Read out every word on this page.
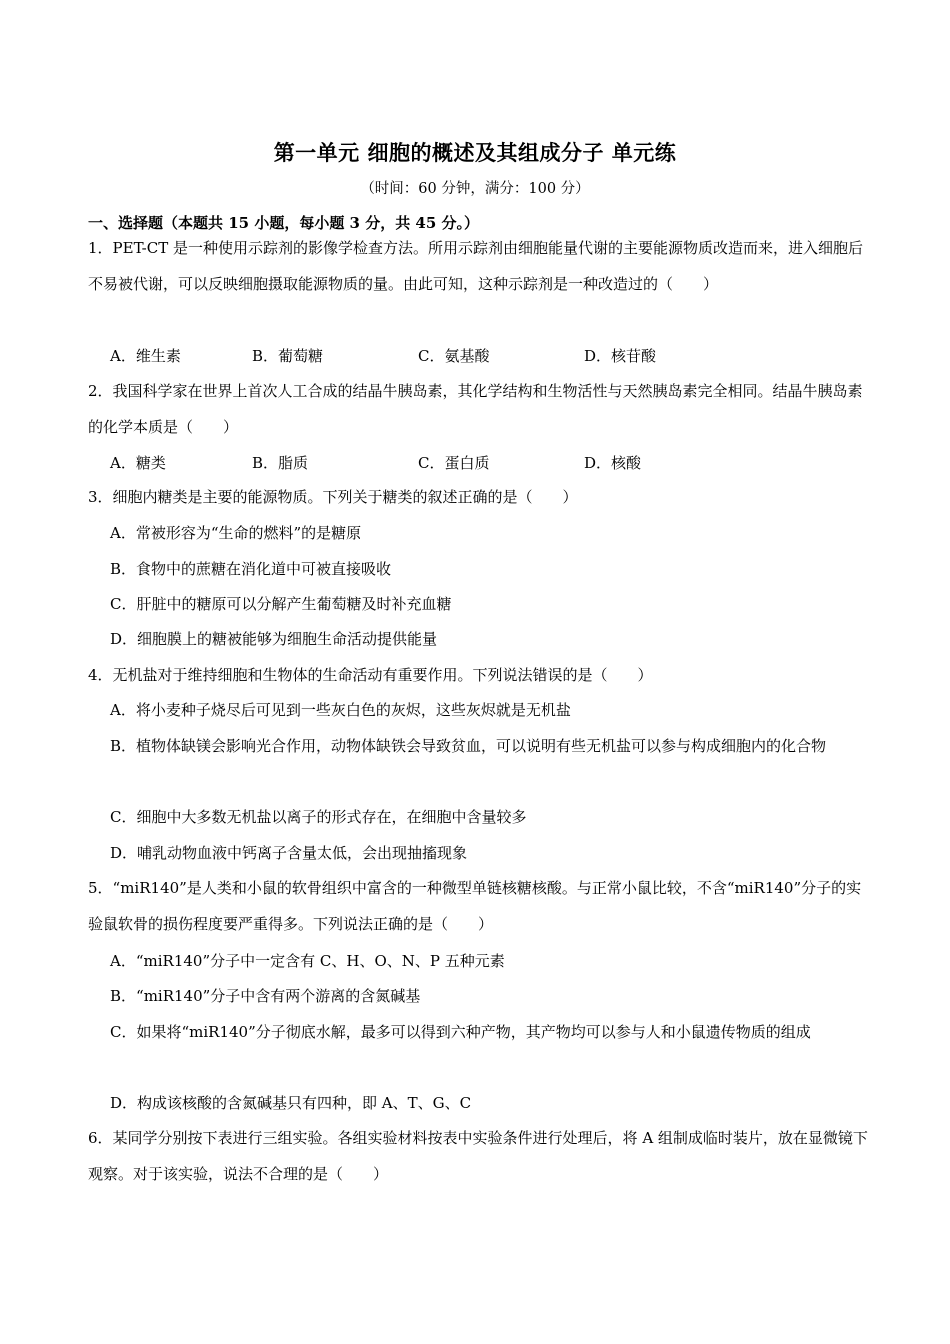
第一单元 细胞的概述及其组成分子 单元练
（时间：60 分钟，满分：100 分）
一、选择题（本题共 15 小题，每小题 3 分，共 45 分。）
1．PET-CT 是一种使用示踪剂的影像学检查方法。所用示踪剂由细胞能量代谢的主要能源物质改造而来，进入细胞后不易被代谢，可以反映细胞摄取能源物质的量。由此可知，这种示踪剂是一种改造过的（　　）
A．维生素	B．葡萄糖	C．氨基酸	D．核苷酸
2．我国科学家在世界上首次人工合成的结晶牛胰岛素，其化学结构和生物活性与天然胰岛素完全相同。结晶牛胰岛素的化学本质是（　　）
A．糖类	B．脂质	C．蛋白质	D．核酸
3．细胞内糖类是主要的能源物质。下列关于糖类的叙述正确的是（　　）
A．常被形容为“生命的燃料”的是糖原
B．食物中的蔗糖在消化道中可被直接吸收
C．肝脏中的糖原可以分解产生葡萄糖及时补充血糖
D．细胞膜上的糖被能够为细胞生命活动提供能量
4．无机盐对于维持细胞和生物体的生命活动有重要作用。下列说法错误的是（　　）
A．将小麦种子烧尽后可见到一些灰白色的灰烬，这些灰烬就是无机盐
B．植物体缺镁会影响光合作用，动物体缺铁会导致贫血，可以说明有些无机盐可以参与构成细胞内的化合物
C．细胞中大多数无机盐以离子的形式存在，在细胞中含量较多
D．哺乳动物血液中钙离子含量太低，会出现抽搐现象
5．“miR140”是人类和小鼠的软骨组织中富含的一种微型单链核糖核酸。与正常小鼠比较，不含“miR140”分子的实验鼠软骨的损伤程度要严重得多。下列说法正确的是（　　）
A．“miR140”分子中一定含有 C、H、O、N、P 五种元素
B．“miR140”分子中含有两个游离的含氮碱基
C．如果将“miR140”分子彻底水解，最多可以得到六种产物，其产物均可以参与人和小鼠遗传物质的组成
D．构成该核酸的含氮碱基只有四种，即 A、T、G、C
6．某同学分别按下表进行三组实验。各组实验材料按表中实验条件进行处理后，将 A 组制成临时装片，放在显微镜下观察。对于该实验，说法不合理的是（　　）
